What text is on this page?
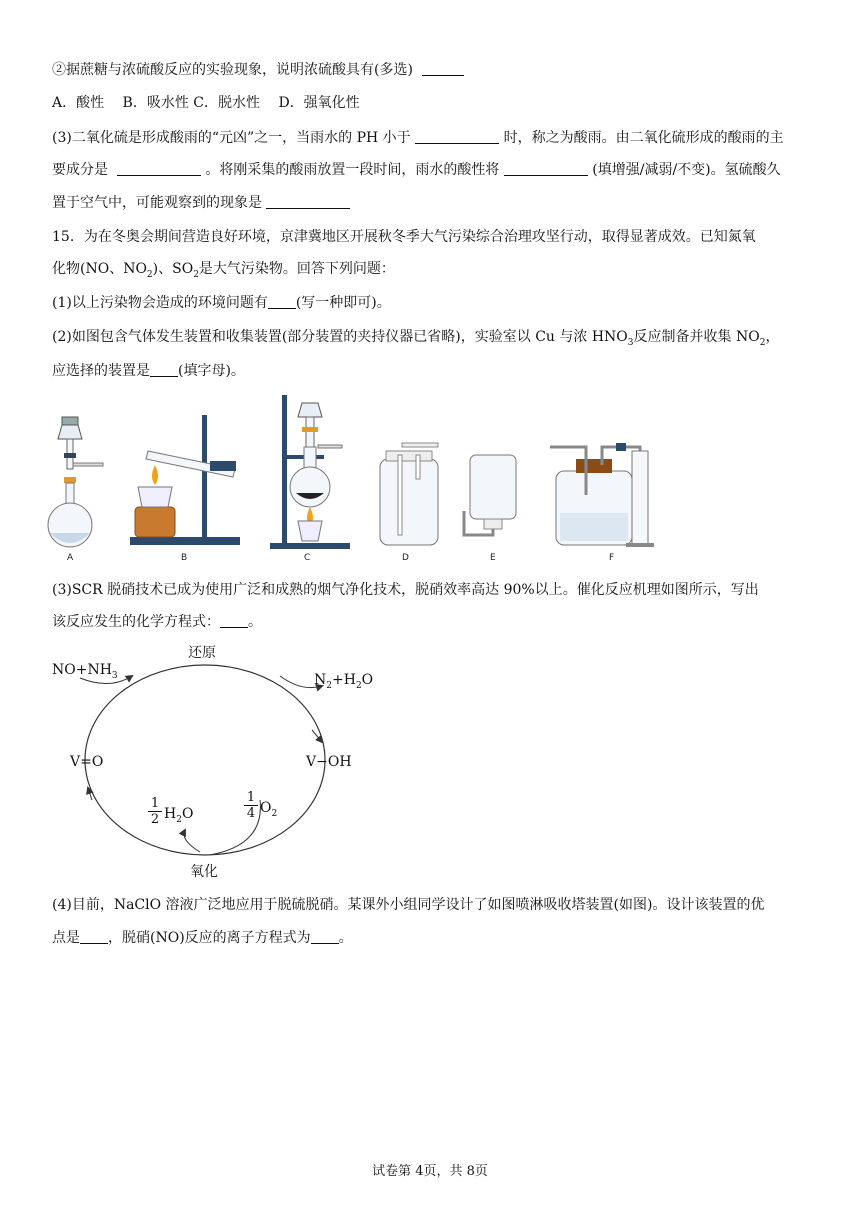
②据蔗糖与浓硫酸反应的实验现象，说明浓硫酸具有(多选)
A．酸性　 B．吸水性 C．脱水性　 D．强氧化性
(3)二氧化硫是形成酸雨的“元凶”之一，当雨水的 PH 小于	时，称之为酸雨。由二氧化硫形成的酸雨的主
要成分是	。将刚采集的酸雨放置一段时间，雨水的酸性将	(填增强/减弱/不变)。氢硫酸久
置于空气中，可能观察到的现象是
15．为在冬奥会期间营造良好环境，京津冀地区开展秋冬季大气污染综合治理攻坚行动，取得显著成效。已知氮氧
化物(NO、$NO_2$)、$SO_2$是大气污染物。回答下列问题：
(1)以上污染物会造成的环境问题有 (写一种即可)。
(2)如图包含气体发生装置和收集装置(部分装置的夹持仪器已省略)，实验室以 Cu 与浓 $HNO_3$反应制备并收集 $NO_2$，
应选择的装置是 (填字母)。
A	B	C	D	E	F
(3)SCR 脱硝技术已成为使用广泛和成熟的烟气净化技术，脱硝效率高达 90%以上。催化反应机理如图所示，写出
该反应发生的化学方程式： 。
还原
$NO+NH_3$	$N_2+H_2O$
V=O	V−OH
$\frac{1}{2} H_2O$	$\frac{1}{4} O_2$
氧化
(4)目前，NaClO 溶液广泛地应用于脱硫脱硝。某课外小组同学设计了如图喷淋吸收塔装置(如图)。设计该装置的优
点是 ，脱硝(NO)反应的离子方程式为 。
试卷第 4页，共 8页
